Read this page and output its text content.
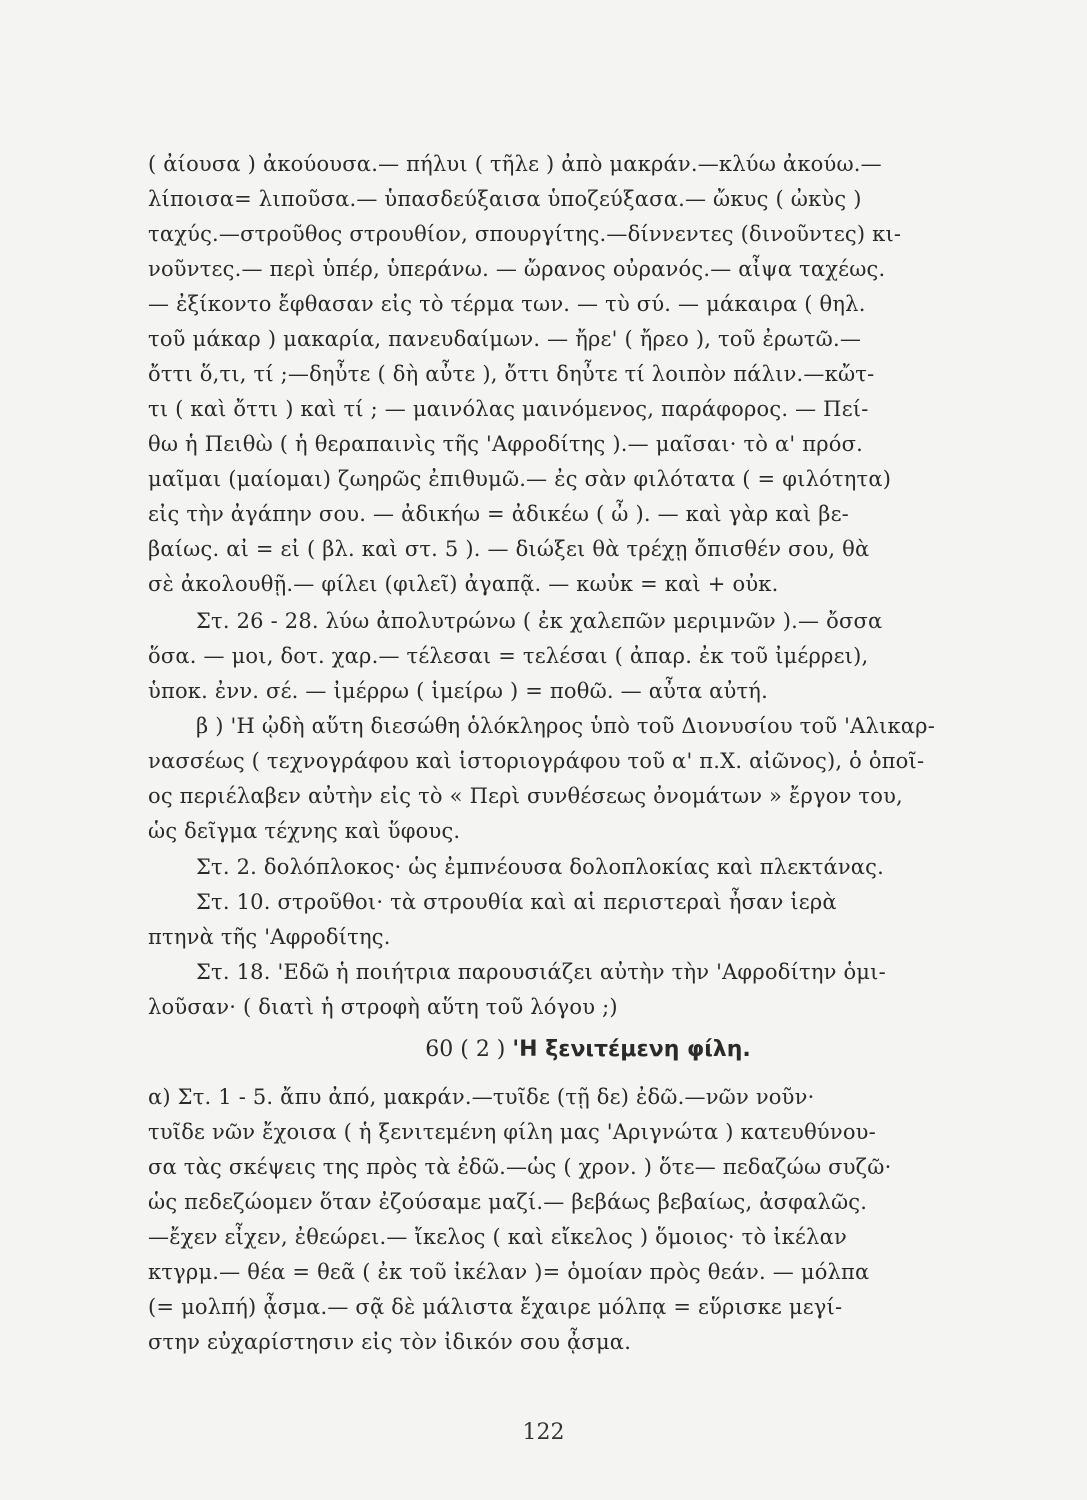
( ἀίουσα ) ἀκούουσα.— πήλυι ( τῆλε ) ἀπὸ μακράν.—κλύω ἀκούω.—
λίποισα= λιποῦσα.— ὑπασδεύξαισα ὑποζεύξασα.— ὤκυς ( ὠκὺς )
ταχύς.—στροῦθος στρουθίον, σπουργίτης.—δίννεντες (δινοῦντες) κι-
νοῦντες.— περὶ ὑπέρ, ὑπεράνω. — ὤρανος οὐρανός.— αἶψα ταχέως.
— ἐξίκοντο ἔφθασαν εἰς τὸ τέρμα των. — τὺ σύ. — μάκαιρα ( θηλ.
τοῦ μάκαρ ) μακαρία, πανευδαίμων. — ἤρε' ( ἤρεο ), τοῦ ἐρωτῶ.—
ὄττι ὅ,τι, τί ;—δηὖτε ( δὴ αὖτε ), ὄττι δηὖτε τί λοιπὸν πάλιν.—κὤτ-
τι ( καὶ ὄττι ) καὶ τί ; — μαινόλας μαινόμενος, παράφορος. — Πεί-
θω ἡ Πειθὼ ( ἡ θεραπαινὶς τῆς 'Αφροδίτης ).— μαῖσαι· τὸ α' πρόσ.
μαῖμαι (μαίομαι) ζωηρῶς ἐπιθυμῶ.— ἐς σὰν φιλότατα ( = φιλότητα)
εἰς τὴν ἀγάπην σου. — ἀδικήω = ἀδικέω ( ὦ ). — καὶ γὰρ καὶ βε-
βαίως. αἰ = εἰ ( βλ. καὶ στ. 5 ). — διώξει θὰ τρέχῃ ὄπισθέν σου, θὰ
σὲ ἀκολουθῇ.— φίλει (φιλεῖ) ἀγαπᾷ. — κωὐκ = καὶ + οὐκ.
Στ. 26 - 28. λύω ἀπολυτρώνω ( ἐκ χαλεπῶν μεριμνῶν ).— ὄσσα
ὅσα. — μοι, δοτ. χαρ.— τέλεσαι = τελέσαι ( ἀπαρ. ἐκ τοῦ ἰμέρρει),
ὑποκ. ἐνν. σέ. — ἰμέρρω ( ἱμείρω ) = ποθῶ. — αὖτα αὐτή.
β ) 'Η ᾠδὴ αὕτη διεσώθη ὁλόκληρος ὑπὸ τοῦ Διονυσίου τοῦ 'Αλικαρ-
νασσέως ( τεχνογράφου καὶ ἱστοριογράφου τοῦ α' π.Χ. αἰῶνος), ὁ ὁποῖ-
ος περιέλαβεν αὐτὴν εἰς τὸ « Περὶ συνθέσεως ὀνομάτων » ἔργον του,
ὡς δεῖγμα τέχνης καὶ ὕφους.
Στ. 2. δολόπλοκος· ὡς ἐμπνέουσα δολοπλοκίας καὶ πλεκτάνας.
Στ. 10. στροῦθοι· τὰ στρουθία καὶ αἱ περιστεραὶ ἦσαν ἱερὰ
πτηνὰ τῆς 'Αφροδίτης.
Στ. 18. 'Εδῶ ἡ ποιήτρια παρουσιάζει αὐτὴν τὴν 'Αφροδίτην ὁμι-
λοῦσαν· ( διατὶ ἡ στροφὴ αὕτη τοῦ λόγου ;)
60 ( 2 ) 'Η ξενιτέμενη φίλη.
α) Στ. 1 - 5. ἄπυ ἀπό, μακράν.—τυῖδε (τῇ δε) ἐδῶ.—νῶν νοῦν·
τυῖδε νῶν ἔχοισα ( ἡ ξενιτεμένη φίλη μας 'Αριγνώτα ) κατευθύνου-
σα τὰς σκέψεις της πρὸς τὰ ἐδῶ.—ὡς ( χρον. ) ὅτε— πεδαζώω συζῶ·
ὡς πεδεζώομεν ὅταν ἐζούσαμε μαζί.— βεβάως βεβαίως, ἀσφαλῶς.
—ἔχεν εἶχεν, ἐθεώρει.— ἴκελος ( καὶ εἴκελος ) ὅμοιος· τὸ ἰκέλαν
κτγρμ.— θέα = θεᾶ ( ἐκ τοῦ ἰκέλαν )= ὁμοίαν πρὸς θεάν. — μόλπα
(= μολπή) ᾆσμα.— σᾷ δὲ μάλιστα ἔχαιρε μόλπᾳ = εὕρισκε μεγί-
στην εὐχαρίστησιν εἰς τὸν ἰδικόν σου ᾆσμα.
122
